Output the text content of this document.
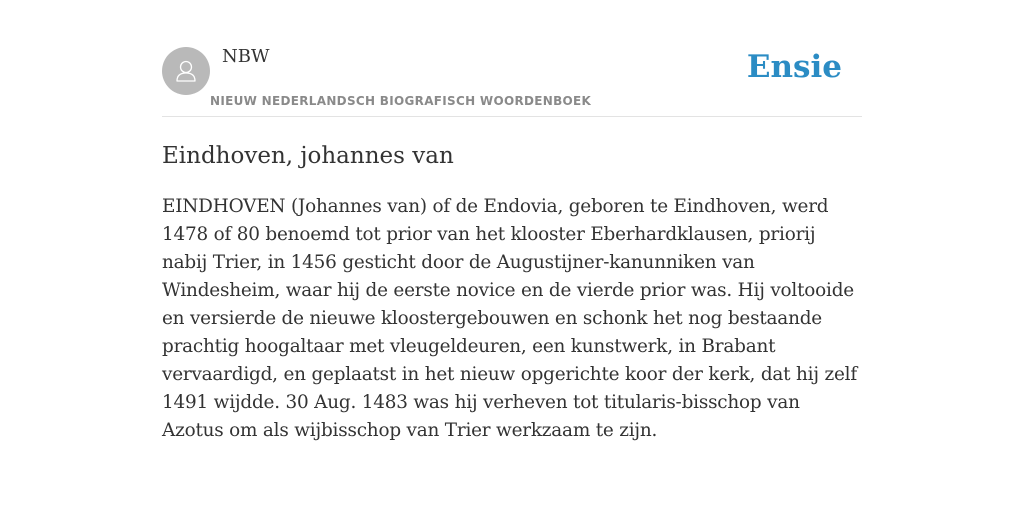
NBW
NIEUW NEDERLANDSCH BIOGRAFISCH WOORDENBOEK
Ensie
Eindhoven, johannes van

EINDHOVEN (Johannes van) of de Endovia, geboren te Eindhoven, werd 1478 of 80 benoemd tot prior van het klooster Eberhardklausen, priorij nabij Trier, in 1456 gesticht door de Augustijner-kanunniken van Windesheim, waar hij de eerste novice en de vierde prior was. Hij voltooide en versierde de nieuwe kloostergebouwen en schonk het nog bestaande prachtig hoogaltaar met vleugeldeuren, een kunstwerk, in Brabant vervaardigd, en geplaatst in het nieuw opgerichte koor der kerk, dat hij zelf 1491 wijdde. 30 Aug. 1483 was hij verheven tot titularis-bisschop van Azotus om als wijbisschop van Trier werkzaam te zijn.
